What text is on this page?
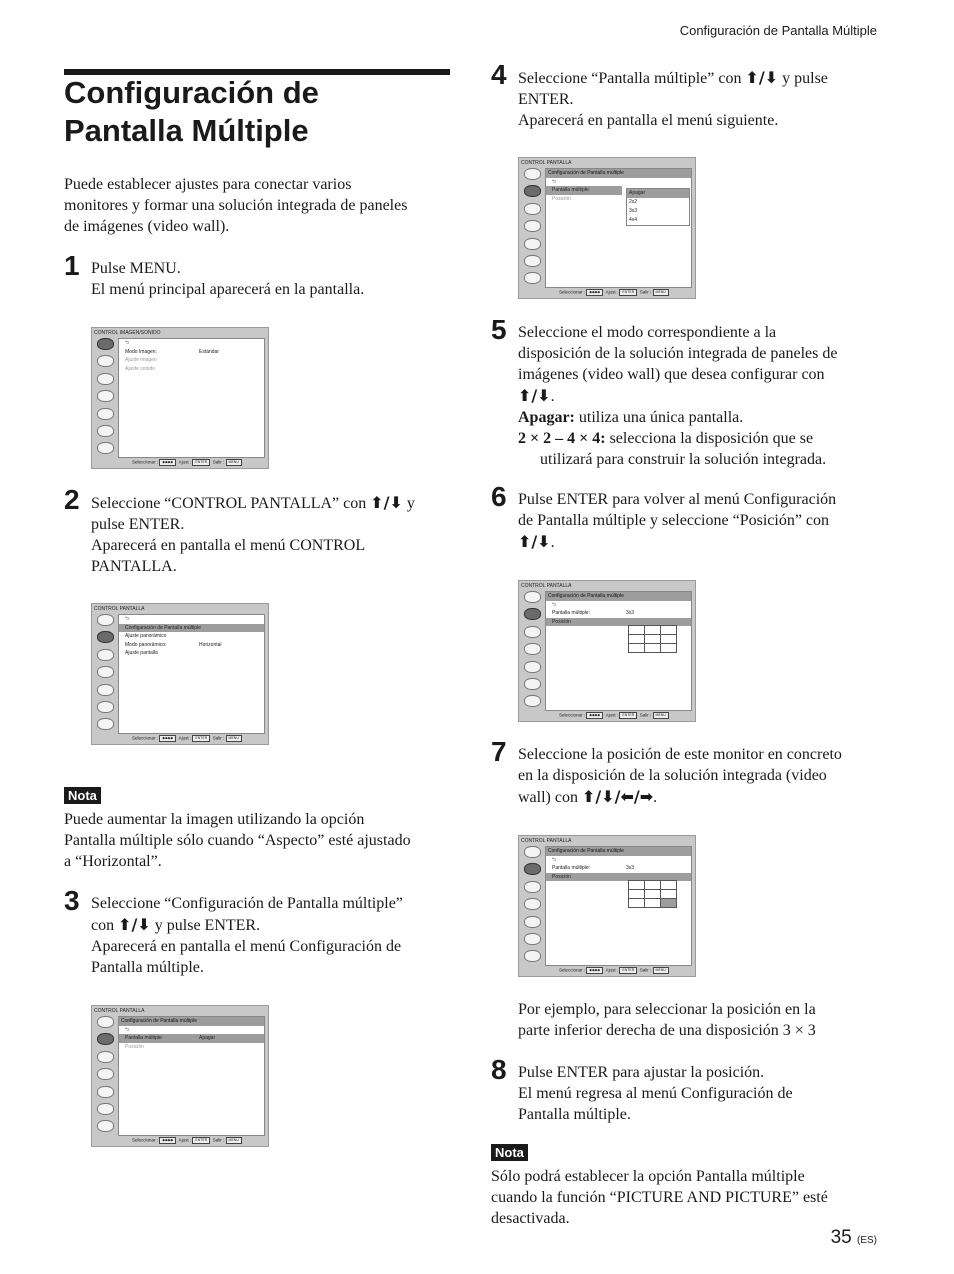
Configuración de Pantalla Múltiple
Configuración de
Pantalla Múltiple
Puede establecer ajustes para conectar varios
monitores y formar una solución integrada de paneles
de imágenes (video wall).
1 Pulse MENU.
El menú principal aparecerá en la pantalla.
CONTROL IMAGEN/SONIDO
⮌
Modo Imagen:	Estándar
Ajuste imagen
Ajuste sonido
Seleccionar : ◆◆◆◆ Ajust : ENTER Salir : MENU
2 Seleccione “CONTROL PANTALLA” con ⬆/⬇ y
pulse ENTER.
Aparecerá en pantalla el menú CONTROL
PANTALLA.
CONTROL PANTALLA
⮌
Configuración de Pantalla múltiple
Ajuste panorámico
Modo panorámico:	Horizontal
Ajuste pantalla
Seleccionar : ◆◆◆◆ Ajust : ENTER Salir : MENU
Nota
Puede aumentar la imagen utilizando la opción
Pantalla múltiple sólo cuando “Aspecto” esté ajustado
a “Horizontal”.
3 Seleccione “Configuración de Pantalla múltiple”
con ⬆/⬇ y pulse ENTER.
Aparecerá en pantalla el menú Configuración de
Pantalla múltiple.
CONTROL PANTALLA
Configuración de Pantalla múltiple
⮌
Pantalla múltiple:	Apagar
Posición
Seleccionar : ◆◆◆◆ Ajust : ENTER Salir : MENU
4 Seleccione “Pantalla múltiple” con ⬆/⬇ y pulse
ENTER.
Aparecerá en pantalla el menú siguiente.
CONTROL PANTALLA
Configuración de Pantalla múltiple
⮌
Pantalla múltiple:
Posición
Apagar
2x2
3x3
4x4
Seleccionar : ◆◆◆◆ Ajust : ENTER Salir : MENU
5 Seleccione el modo correspondiente a la
disposición de la solución integrada de paneles de
imágenes (video wall) que desea configurar con
⬆/⬇.
Apagar: utiliza una única pantalla.
2 × 2 – 4 × 4: selecciona la disposición que se
utilizará para construir la solución integrada.
6 Pulse ENTER para volver al menú Configuración
de Pantalla múltiple y seleccione “Posición” con
⬆/⬇.
CONTROL PANTALLA
Configuración de Pantalla múltiple
⮌
Pantalla múltiple:	3x3
Posición
Seleccionar : ◆◆◆◆ Ajust : ENTER Salir : MENU
7 Seleccione la posición de este monitor en concreto
en la disposición de la solución integrada (video
wall) con ⬆/⬇/⬅/➡.
CONTROL PANTALLA
Configuración de Pantalla múltiple
⮌
Pantalla múltiple:	3x3
Posición
Seleccionar : ◆◆◆◆ Ajust : ENTER Salir : MENU
Por ejemplo, para seleccionar la posición en la
parte inferior derecha de una disposición 3 × 3
8 Pulse ENTER para ajustar la posición.
El menú regresa al menú Configuración de
Pantalla múltiple.
Nota
Sólo podrá establecer la opción Pantalla múltiple
cuando la función “PICTURE AND PICTURE” esté
desactivada.
35 (ES)
